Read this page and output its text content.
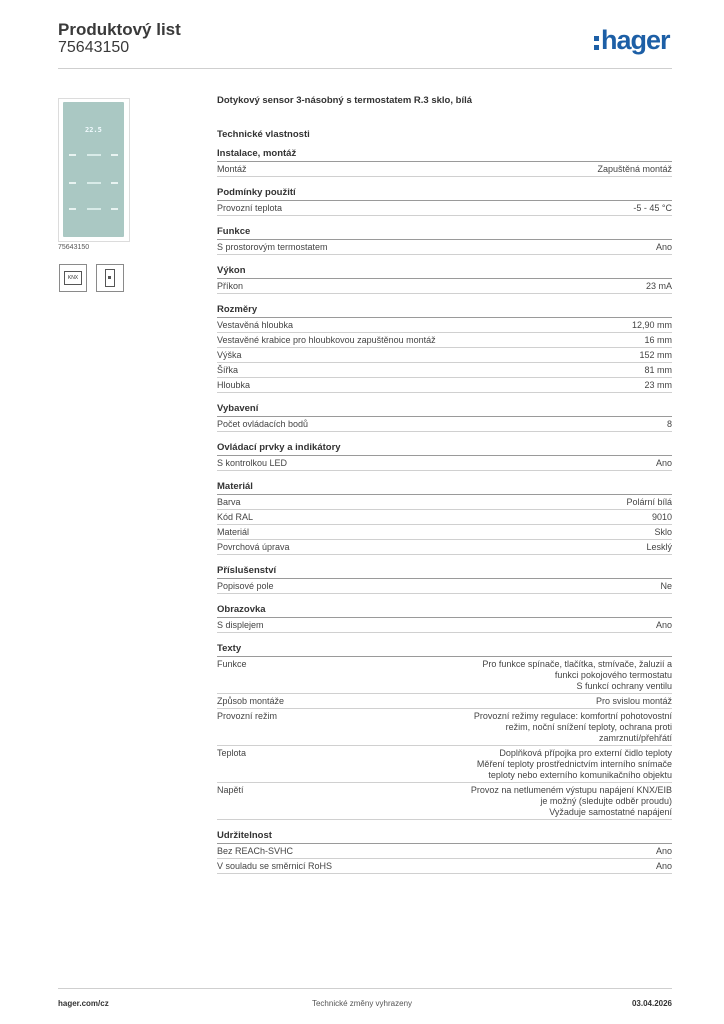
Produktový list
75643150	hager
22.5
75643150
KNX
Dotykový sensor 3-násobný s termostatem R.3 sklo, bílá
Technické vlastnosti
Instalace, montáž
Montáž	Zapuštěná montáž
Podmínky použití
Provozní teplota	-5 - 45 °C
Funkce
S prostorovým termostatem	Ano
Výkon
Příkon	23 mA
Rozměry
Vestavěná hloubka	12,90 mm
Vestavěné krabice pro hloubkovou zapuštěnou montáž	16 mm
Výška	152 mm
Šířka	81 mm
Hloubka	23 mm
Vybavení
Počet ovládacích bodů	8
Ovládací prvky a indikátory
S kontrolkou LED	Ano
Materiál
Barva	Polární bílá
Kód RAL	9010
Materiál	Sklo
Povrchová úprava	Lesklý
Příslušenství
Popisové pole	Ne
Obrazovka
S displejem	Ano
Texty
Funkce	Pro funkce spínače, tlačítka, stmívače, žaluzií a
funkci pokojového termostatu
S funkcí ochrany ventilu
Způsob montáže	Pro svislou montáž
Provozní režim	Provozní režimy regulace: komfortní pohotovostní
režim, noční snížení teploty, ochrana proti
zamrznutí/přehřátí
Teplota	Doplňková přípojka pro externí čidlo teploty
Měření teploty prostřednictvím interního snímače
teploty nebo externího komunikačního objektu
Napětí	Provoz na netlumeném výstupu napájení KNX/EIB
je možný (sledujte odběr proudu)
Vyžaduje samostatné napájení
Udržitelnost
Bez REACh-SVHC	Ano
V souladu se směrnicí RoHS	Ano
hager.com/cz	Technické změny vyhrazeny	03.04.2026
